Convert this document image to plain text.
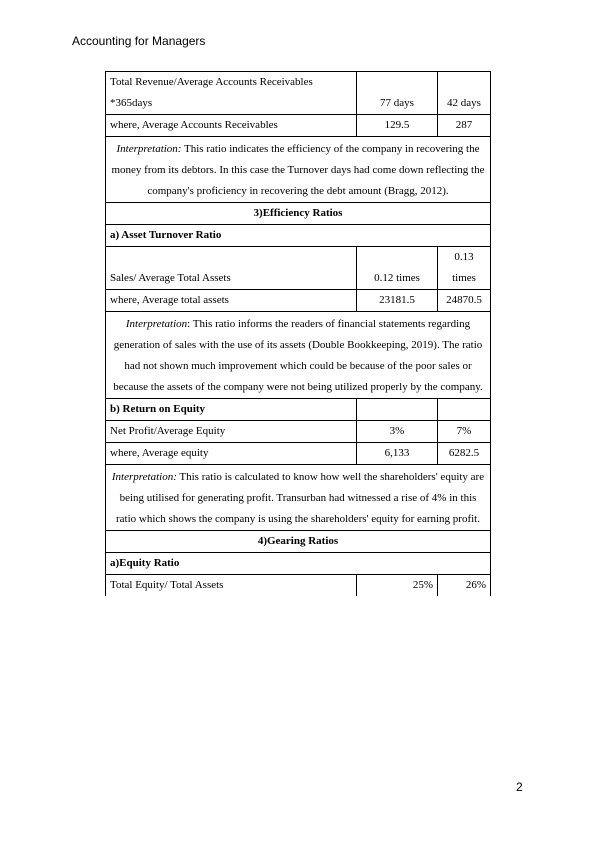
Accounting for Managers
Total Revenue/Average Accounts Receivables
*365days	77 days	42 days
where, Average Accounts Receivables	129.5	287
Interpretation: This ratio indicates the efficiency of the company in recovering the money from its debtors. In this case the Turnover days had come down reflecting the company's proficiency in recovering the debt amount (Bragg, 2012).		
3)Efficiency Ratios		
a) Asset Turnover Ratio		
Sales/ Average Total Assets	0.12 times	0.13
times

where, Average total assets	23181.5	24870.5
Interpretation: This ratio informs the readers of financial statements regarding generation of sales with the use of its assets (Double Bookkeeping, 2019). The ratio had not shown much improvement which could be because of the poor sales or because the assets of the company were not being utilized properly by the company.		
b) Return on Equity		
Net Profit/Average Equity	3%	7%
where, Average equity	6,133	6282.5
Interpretation: This ratio is calculated to know how well the shareholders' equity are being utilised for generating profit. Transurban had witnessed a rise of 4% in this ratio which shows the company is using the shareholders' equity for earning profit.		
4)Gearing Ratios		
a)Equity Ratio		
Total Equity/ Total Assets	25%	26%
2
